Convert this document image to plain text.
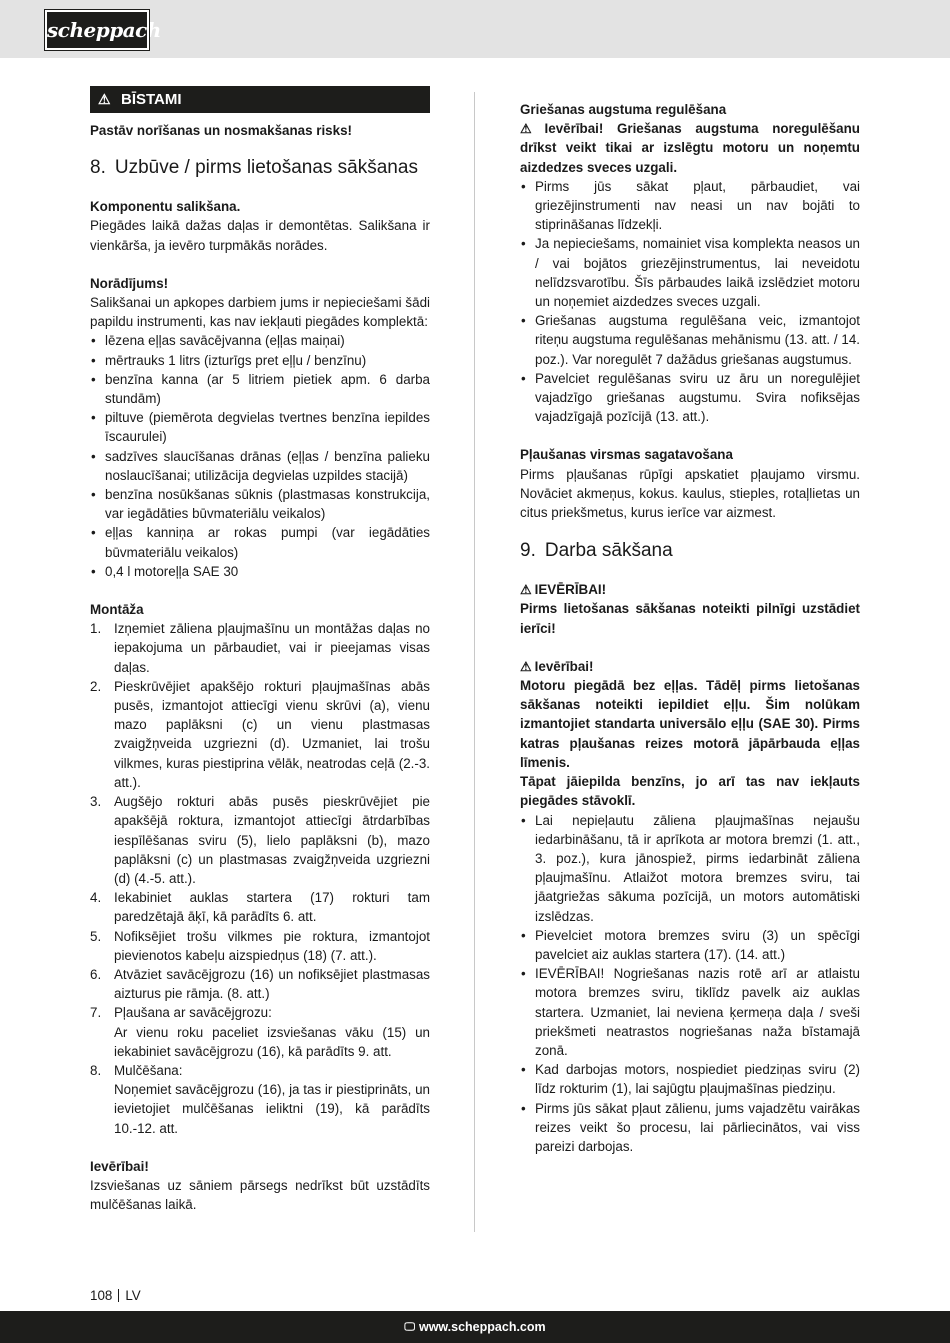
scheppach
⚠ BĪSTAMI

Pastāv norīšanas un nosmakšanas risks!

8. Uzbūve / pirms lietošanas sākšanas

Komponentu salikšana.

Piegādes laikā dažas daļas ir demontētas. Salikšana ir vienkārša, ja ievēro turpmākās norādes.

Norādījums!

Salikšanai un apkopes darbiem jums ir nepieciešami šādi papildu instrumenti, kas nav iekļauti piegādes komplektā:

• lēzena eļļas savācējvanna (eļļas maiņai)
• mērtrauks 1 litrs (izturīgs pret eļļu / benzīnu)
• benzīna kanna (ar 5 litriem pietiek apm. 6 darba stundām)
• piltuve (piemērota degvielas tvertnes benzīna iepildes īscaurulei)
• sadzīves slaucīšanas drānas (eļļas / benzīna palieku noslaucīšanai; utilizācija degvielas uzpildes stacijā)
• benzīna nosūkšanas sūknis (plastmasas konstrukcija, var iegādāties būvmateriālu veikalos)
• eļļas kanniņa ar rokas pumpi (var iegādāties būvmateriālu veikalos)
• 0,4 l motoreļļa SAE 30

Montāža

1. Izņemiet zāliena pļaujmašīnu un montāžas daļas no iepakojuma un pārbaudiet, vai ir pieejamas visas daļas.
2. Pieskrūvējiet apakšējo rokturi pļaujmašīnas abās pusēs, izmantojot attiecīgi vienu skrūvi (a), vienu mazo paplāksni (c) un vienu plastmasas zvaigžņveida uzgriezni (d). Uzmaniet, lai trošu vilkmes, kuras piestiprina vēlāk, neatrodas ceļā (2.-3. att.).
3. Augšējo rokturi abās pusēs pieskrūvējiet pie apakšējā roktura, izmantojot attiecīgi ātrdarbības iespīlēšanas sviru (5), lielo paplāksni (b), mazo paplāksni (c) un plastmasas zvaigžņveida uzgriezni (d) (4.-5. att.).
4. Iekabiniet auklas startera (17) rokturi tam paredzētajā āķī, kā parādīts 6. att.
5. Nofiksējiet trošu vilkmes pie roktura, izmantojot pievienotos kabeļu aizspiedņus (18) (7. att.).
6. Atvāziet savācējgrozu (16) un nofiksējiet plastmasas aizturus pie rāmja. (8. att.)
7. Pļaušana ar savācējgrozu:
Ar vienu roku paceliet izsviešanas vāku (15) un iekabiniet savācējgrozu (16), kā parādīts 9. att.
8. Mulčēšana:
Noņemiet savācējgrozu (16), ja tas ir piestiprināts, un ievietojiet mulčēšanas ieliktni (19), kā parādīts 10.-12. att.

Ievērībai!

Izsviešanas uz sāniem pārsegs nedrīkst būt uzstādīts mulčēšanas laikā.

Griešanas augstuma regulēšana

⚠ Ievērībai! Griešanas augstuma noregulēšanu drīkst veikt tikai ar izslēgtu motoru un noņemtu aizdedzes sveces uzgali.

• Pirms jūs sākat pļaut, pārbaudiet, vai griezējinstrumenti nav neasi un nav bojāti to stiprināšanas līdzekļi.
• Ja nepieciešams, nomainiet visa komplekta neasos un / vai bojātos griezējinstrumentus, lai neveidotu nelīdzsvarotību. Šīs pārbaudes laikā izslēdziet motoru un noņemiet aizdedzes sveces uzgali.
• Griešanas augstuma regulēšana veic, izmantojot riteņu augstuma regulēšanas mehānismu (13. att. / 14. poz.). Var noregulēt 7 dažādus griešanas augstumus.
• Pavelciet regulēšanas sviru uz āru un noregulējiet vajadzīgo griešanas augstumu. Svira nofiksējas vajadzīgajā pozīcijā (13. att.).

Pļaušanas virsmas sagatavošana

Pirms pļaušanas rūpīgi apskatiet pļaujamo virsmu. Novāciet akmeņus, kokus. kaulus, stieples, rotaļlietas un citus priekšmetus, kurus ierīce var aizmest.

9. Darba sākšana

⚠ IEVĒRĪBAI!

Pirms lietošanas sākšanas noteikti pilnīgi uzstādiet ierīci!

⚠ Ievērībai!

Motoru piegādā bez eļļas. Tādēļ pirms lietošanas sākšanas noteikti iepildiet eļļu. Šim nolūkam izmantojiet standarta universālo eļļu (SAE 30). Pirms katras pļaušanas reizes motorā jāpārbauda eļļas līmenis.

Tāpat jāiepilda benzīns, jo arī tas nav iekļauts piegādes stāvoklī.

• Lai nepieļautu zāliena pļaujmašīnas nejaušu iedarbināšanu, tā ir aprīkota ar motora bremzi (1. att., 3. poz.), kura jānospiež, pirms iedarbināt zāliena pļaujmašīnu. Atlaižot motora bremzes sviru, tai jāatgriežas sākuma pozīcijā, un motors automātiski izslēdzas.
• Pievelciet motora bremzes sviru (3) un spēcīgi pavelciet aiz auklas startera (17). (14. att.)
• IEVĒRĪBAI! Nogriešanas nazis rotē arī ar atlaistu motora bremzes sviru, tiklīdz pavelk aiz auklas startera. Uzmaniet, lai neviena ķermeņa daļa / sveši priekšmeti neatrastos nogriešanas naža bīstamajā zonā.
• Kad darbojas motors, nospiediet piedziņas sviru (2) līdz rokturim (1), lai sajūgtu pļaujmašīnas piedziņu.
• Pirms jūs sākat pļaut zālienu, jums vajadzētu vairākas reizes veikt šo procesu, lai pārliecinātos, vai viss pareizi darbojas.
108 LV
🖵 www.scheppach.com
